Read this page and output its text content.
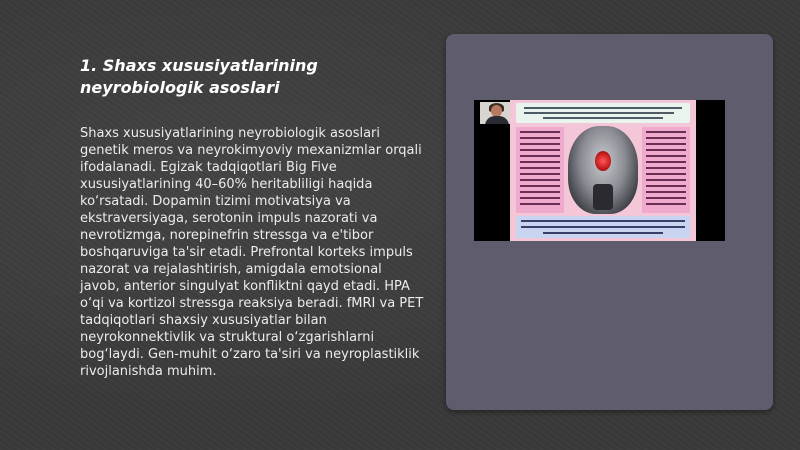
1. Shaxs xususiyatlarining neyrobiologik asoslari

Shaxs xususiyatlarining neyrobiologik asoslari genetik meros va neyrokimyoviy mexanizmlar orqali ifodalanadi. Egizak tadqiqotlari Big Five xususiyatlarining 40–60% heritabliligi haqida ko‘rsatadi. Dopamin tizimi motivatsiya va ekstraversiyaga, serotonin impuls nazorati va nevrotizmga, norepinefrin stressga va e'tibor boshqaruviga ta'sir etadi. Prefrontal korteks impuls nazorat va rejalashtirish, amigdala emotsional javob, anterior singulyat konfliktni qayd etadi. HPA o‘qi va kortizol stressga reaksiya beradi. fMRI va PET tadqiqotlari shaxsiy xususiyatlar bilan neyrokonnektivlik va struktural o‘zgarishlarni bog‘laydi. Gen-muhit o‘zaro ta'siri va neyroplastiklik rivojlanishda muhim.
